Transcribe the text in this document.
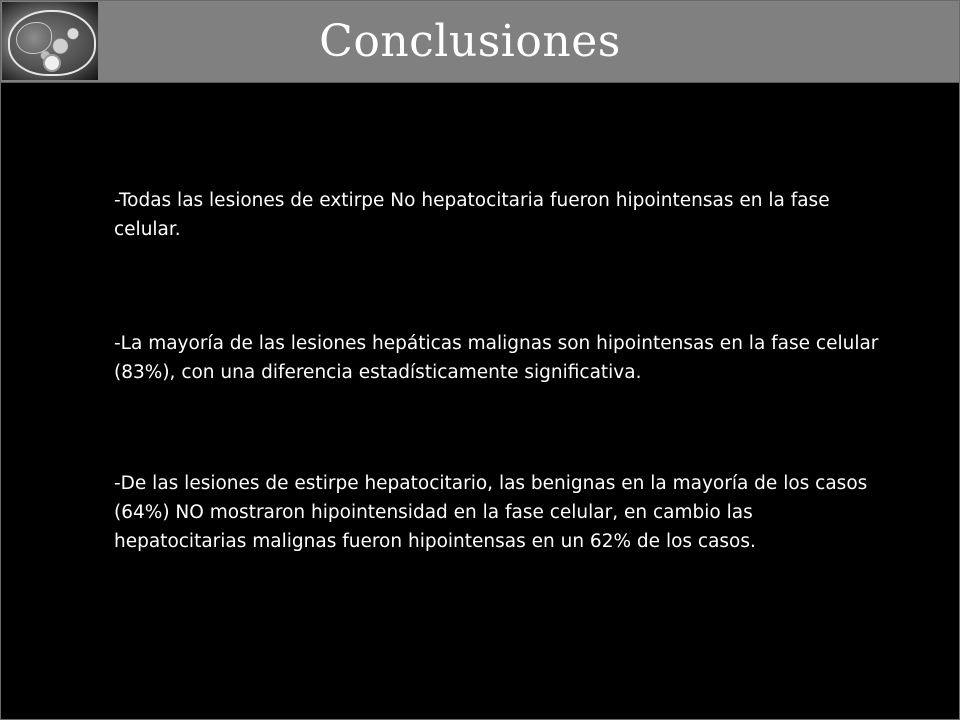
Conclusiones

-Todas las lesiones de extirpe No hepatocitaria fueron hipointensas en la fase celular.

-La mayoría de las lesiones hepáticas malignas son hipointensas en la fase celular (83%), con una diferencia estadísticamente significativa.

-De las lesiones de estirpe hepatocitario, las benignas en la mayoría de los casos (64%) NO mostraron hipointensidad en la fase celular, en cambio las hepatocitarias malignas fueron hipointensas en un 62% de los casos.
